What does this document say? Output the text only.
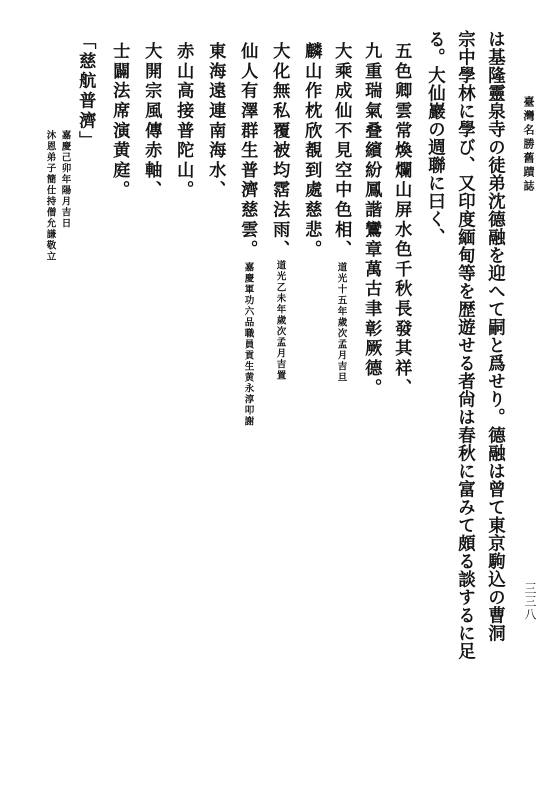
臺灣名勝舊蹟誌
三三八
は基隆靈泉寺の徒弟沈德融を迎へて嗣と爲せり。德融は曾て東京駒込の曹洞
宗中學林に學び、又印度緬甸等を歴遊せる者尙は春秋に富みて頗る談するに足
る。大仙巖の週聯に曰く、
五色卿雲常煥爛山屏水色千秋長發其祥、
九重瑞氣叠繽紛鳳諧鸞章萬古聿彰厥德。
大乘成仙不見空中色相、
道光十五年歲次孟月吉旦
麟山作枕欣覩到處慈悲。
大化無私覆被均霑法雨、
道光乙未年歲次孟月吉置
仙人有澤群生普濟慈雲。
嘉慶軍功六品職員貢生黄永淳叩謝
東海遠連南海水、
赤山高接普陀山。
大開宗風傳赤軸、
士闢法席演黄庭。
「慈航普濟」
嘉慶己卯年陽月吉日
沐恩弟子簡仕持僧允謙敬立
